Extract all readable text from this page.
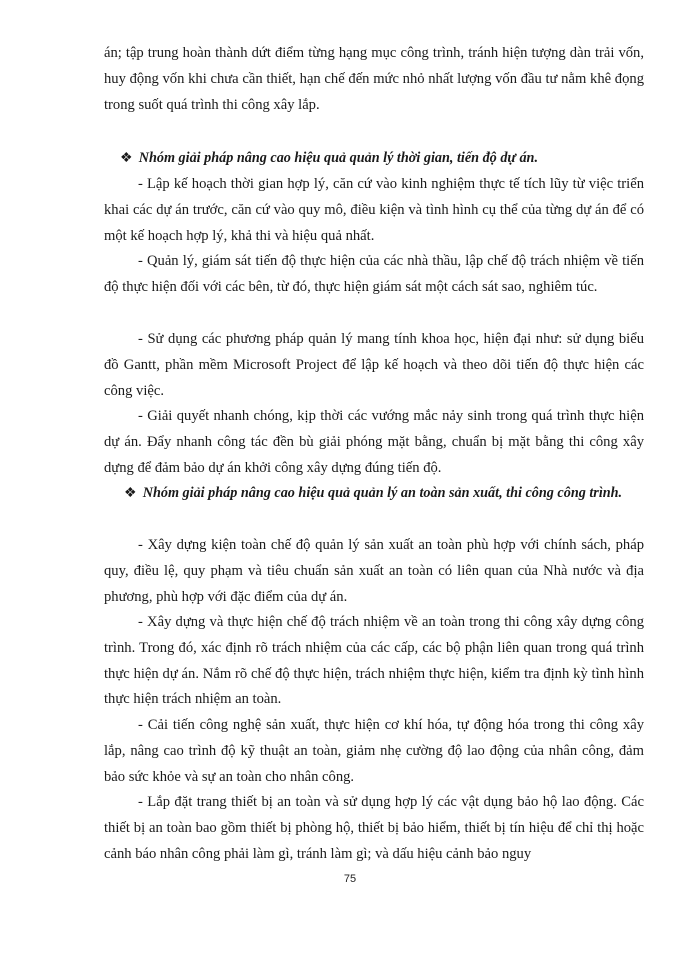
án; tập trung hoàn thành dứt điểm từng hạng mục công trình, tránh hiện tượng dàn trải vốn, huy động vốn khi chưa cần thiết, hạn chế đến mức nhỏ nhất lượng vốn đầu tư nằm khê đọng trong suốt quá trình thi công xây lắp.

❖ Nhóm giải pháp nâng cao hiệu quả quản lý thời gian, tiến độ dự án.

- Lập kế hoạch thời gian hợp lý, căn cứ vào kinh nghiệm thực tế tích lũy từ việc triển khai các dự án trước, căn cứ vào quy mô, điều kiện và tình hình cụ thể của từng dự án để có một kế hoạch hợp lý, khả thi và hiệu quả nhất.

- Quản lý, giám sát tiến độ thực hiện của các nhà thầu, lập chế độ trách nhiệm về tiến độ thực hiện đối với các bên, từ đó, thực hiện giám sát một cách sát sao, nghiêm túc.

- Sử dụng các phương pháp quản lý mang tính khoa học, hiện đại như: sử dụng biểu đồ Gantt, phần mềm Microsoft Project để lập kế hoạch và theo dõi tiến độ thực hiện các công việc.

- Giải quyết nhanh chóng, kịp thời các vướng mắc nảy sinh trong quá trình thực hiện dự án. Đẩy nhanh công tác đền bù giải phóng mặt bằng, chuẩn bị mặt bằng thi công xây dựng để đảm bảo dự án khởi công xây dựng đúng tiến độ.

❖ Nhóm giải pháp nâng cao hiệu quả quản lý an toàn sản xuất, thi công công trình.

- Xây dựng kiện toàn chế độ quản lý sản xuất an toàn phù hợp với chính sách, pháp quy, điều lệ, quy phạm và tiêu chuẩn sản xuất an toàn có liên quan của Nhà nước và địa phương, phù hợp với đặc điểm của dự án.

- Xây dựng và thực hiện chế độ trách nhiệm về an toàn trong thi công xây dựng công trình. Trong đó, xác định rõ trách nhiệm của các cấp, các bộ phận liên quan trong quá trình thực hiện dự án. Nắm rõ chế độ thực hiện, trách nhiệm thực hiện, kiểm tra định kỳ tình hình thực hiện trách nhiệm an toàn.

- Cải tiến công nghệ sản xuất, thực hiện cơ khí hóa, tự động hóa trong thi công xây lắp, nâng cao trình độ kỹ thuật an toàn, giảm nhẹ cường độ lao động của nhân công, đảm bảo sức khỏe và sự an toàn cho nhân công.

- Lắp đặt trang thiết bị an toàn và sử dụng hợp lý các vật dụng bảo hộ lao động. Các thiết bị an toàn bao gồm thiết bị phòng hộ, thiết bị bảo hiểm, thiết bị tín hiệu để chỉ thị hoặc cảnh báo nhân công phải làm gì, tránh làm gì; và dấu hiệu cảnh bảo nguy

75
